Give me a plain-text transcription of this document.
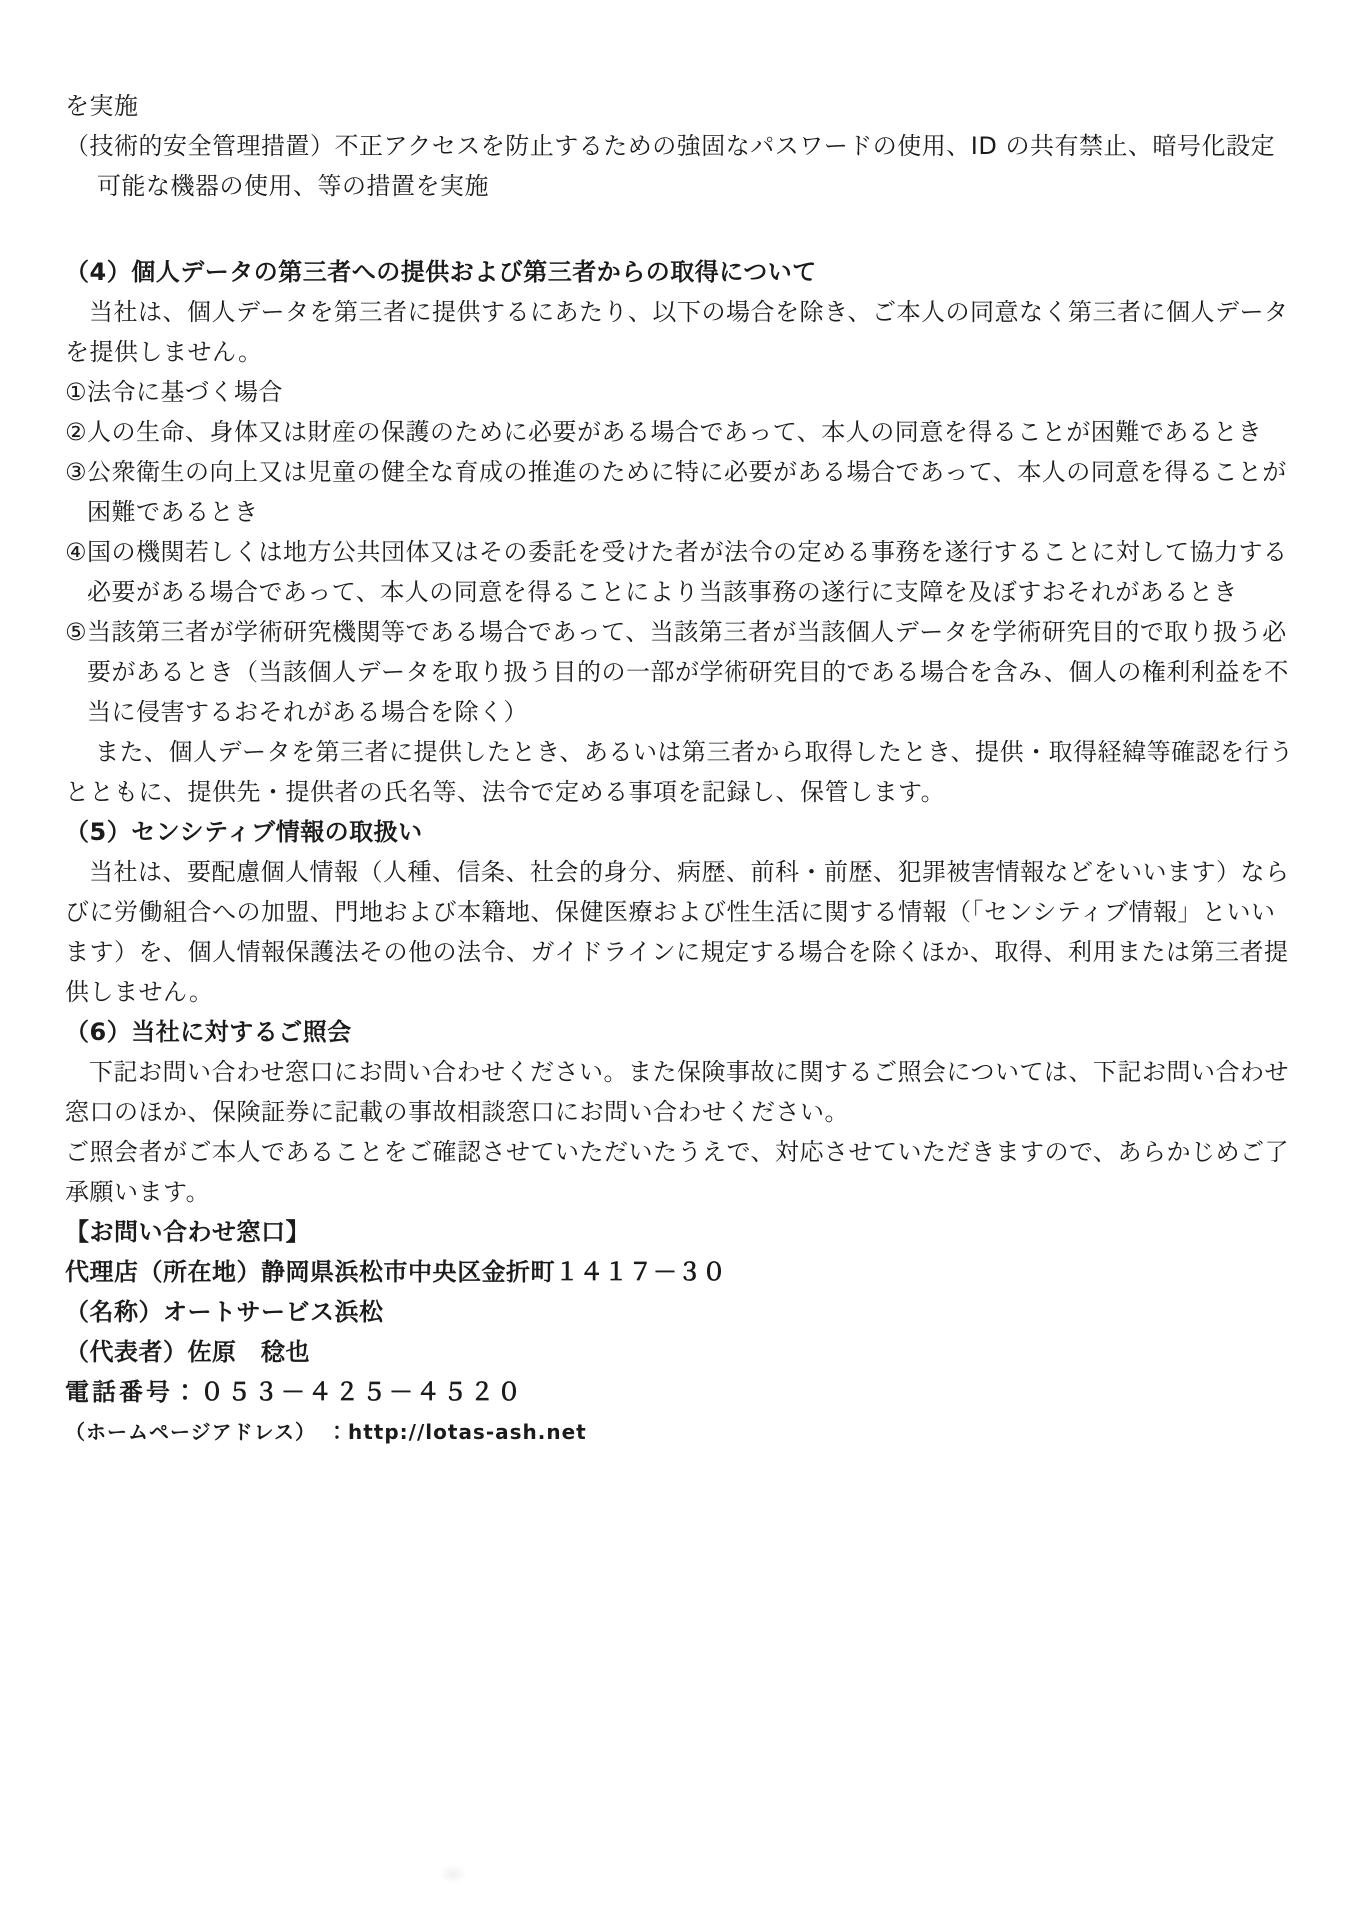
を実施

（技術的安全管理措置）不正アクセスを防止するための強固なパスワードの使用、ID の共有禁止、暗号化設定可能な機器の使用、等の措置を実施

（4）個人データの第三者への提供および第三者からの取得について

当社は、個人データを第三者に提供するにあたり、以下の場合を除き、ご本人の同意なく第三者に個人データを提供しません。

①法令に基づく場合

②人の生命、身体又は財産の保護のために必要がある場合であって、本人の同意を得ることが困難であるとき

③公衆衛生の向上又は児童の健全な育成の推進のために特に必要がある場合であって、本人の同意を得ることが困難であるとき

④国の機関若しくは地方公共団体又はその委託を受けた者が法令の定める事務を遂行することに対して協力する必要がある場合であって、本人の同意を得ることにより当該事務の遂行に支障を及ぼすおそれがあるとき

⑤当該第三者が学術研究機関等である場合であって、当該第三者が当該個人データを学術研究目的で取り扱う必要があるとき（当該個人データを取り扱う目的の一部が学術研究目的である場合を含み、個人の権利利益を不当に侵害するおそれがある場合を除く）

また、個人データを第三者に提供したとき、あるいは第三者から取得したとき、提供・取得経緯等確認を行うとともに、提供先・提供者の氏名等、法令で定める事項を記録し、保管します。

（5）センシティブ情報の取扱い

当社は、要配慮個人情報（人種、信条、社会的身分、病歴、前科・前歴、犯罪被害情報などをいいます）ならびに労働組合への加盟、門地および本籍地、保健医療および性生活に関する情報（「センシティブ情報」といいます）を、個人情報保護法その他の法令、ガイドラインに規定する場合を除くほか、取得、利用または第三者提供しません。

（6）当社に対するご照会

下記お問い合わせ窓口にお問い合わせください。また保険事故に関するご照会については、下記お問い合わせ窓口のほか、保険証券に記載の事故相談窓口にお問い合わせください。

ご照会者がご本人であることをご確認させていただいたうえで、対応させていただきますので、あらかじめご了承願います。

【お問い合わせ窓口】

代理店（所在地）静岡県浜松市中央区金折町１４１７－３０

（名称）オートサービス浜松

（代表者）佐原　稔也

電話番号：０５３－４２５－４５２０

（ホームページアドレス）　：http://lotas-ash.net
